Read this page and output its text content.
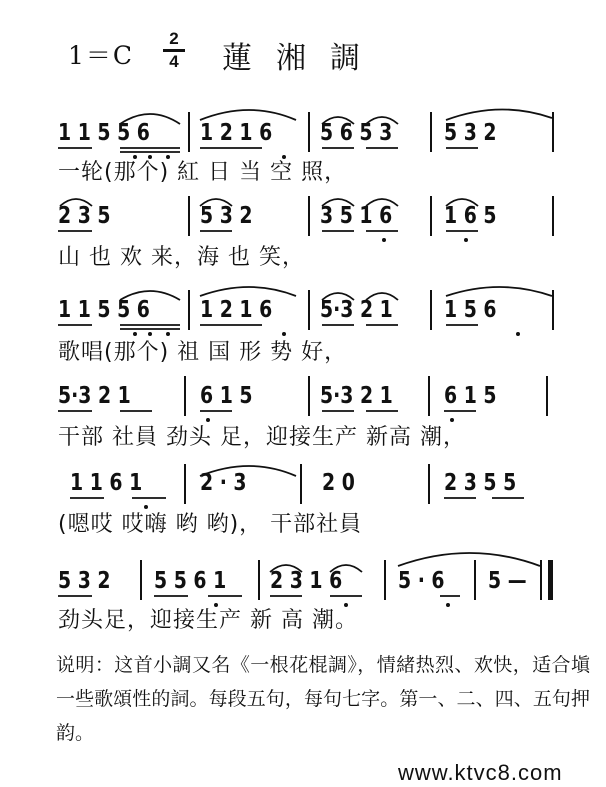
1＝C
2
4 蓮湘調
1 1 5 5 6 1 2 1 6 5 6 5 3 5 3 2
一轮(那个) 紅 日 当 空 照，
2 3 5	5 3 2	3 5 1 6 1 6 5
山 也 欢 来，海 也 笑，
1 1 5 5 6 1 2 1 6 5·3 2 1 1 5 6
歌唱(那个) 祖 国 形 势 好，
5·3 2 1	6 1 5	5·3 2 1 6 1 5
干部 社員 劲头 足，迎接生产 新高 潮，
1 1 6 1	2 · 3	2 0	2 3 5 5
(嗯哎 哎嗨 哟 哟)， 干部社員
5 3 2 5 5 6 1 2 3 1 6 5 · 6 5 —
劲头足，迎接生产 新 高 潮。
说明：这首小調又名《一根花棍調》，情緒热烈、欢快，适合塡一些歌頌性的詞。每段五句，每句七字。第一、二、四、五句押韵。
www.ktvc8.com
